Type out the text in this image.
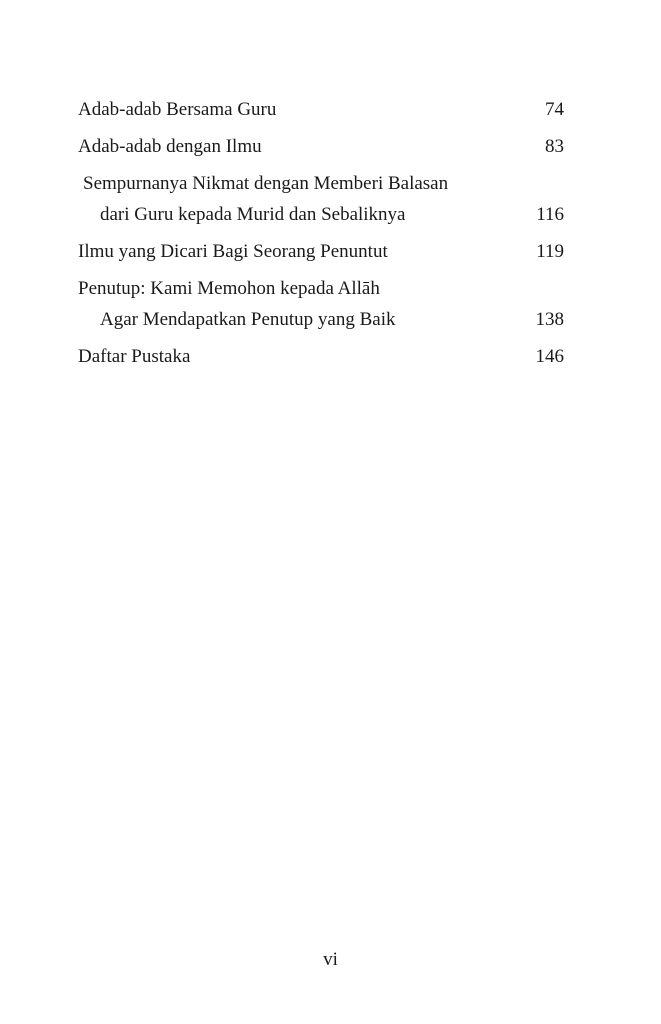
Adab-adab Bersama Guru	74
Adab-adab dengan Ilmu	83
Sempurnanya Nikmat dengan Memberi Balasan
dari Guru kepada Murid dan Sebaliknya	116
Ilmu yang Dicari Bagi Seorang Penuntut	119
Penutup: Kami Memohon kepada Allāh
Agar Mendapatkan Penutup yang Baik	138
Daftar Pustaka	146
vi
